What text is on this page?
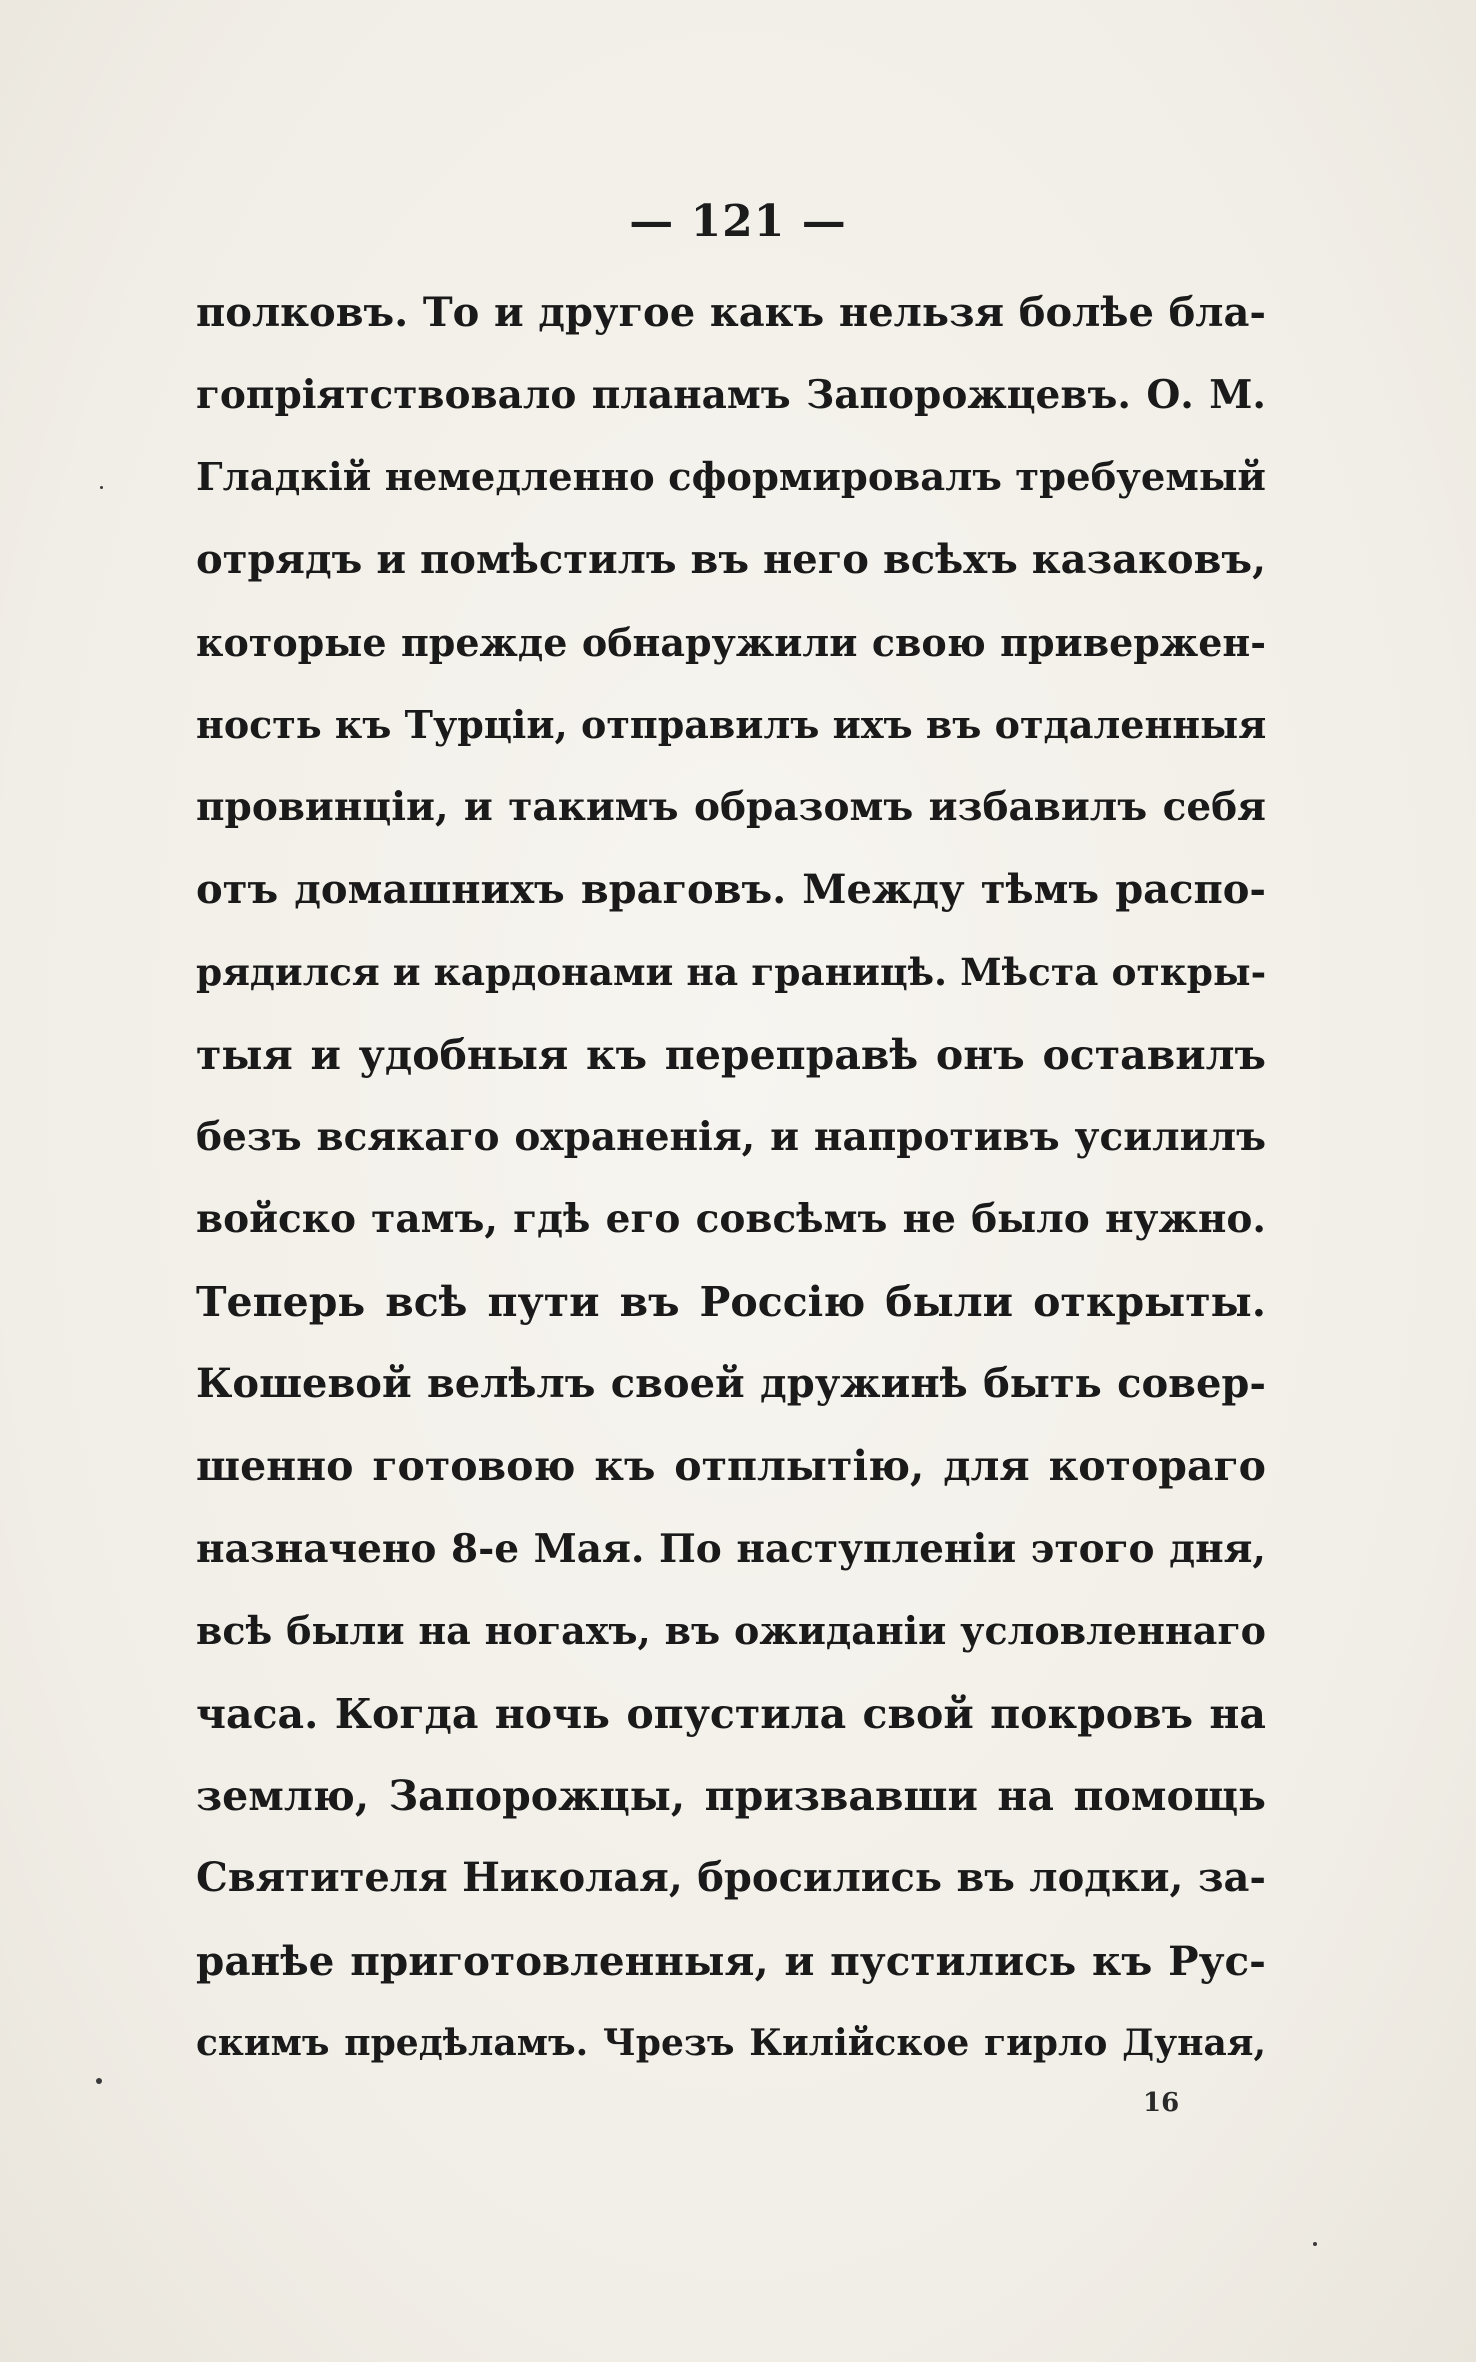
— 121 —
полковъ. То и другое какъ нельзя болѣе бла-
гопріятствовало планамъ Запорожцевъ. О. М.
Гладкій немедленно сформировалъ требуемый
отрядъ и помѣстилъ въ него всѣхъ казаковъ,
которые прежде обнаружили свою привержен-
ность къ Турціи, отправилъ ихъ въ отдаленныя
провинціи, и такимъ образомъ избавилъ себя
отъ домашнихъ враговъ. Между тѣмъ распо-
рядился и кардонами на границѣ. Мѣста откры-
тыя и удобныя къ переправѣ онъ оставилъ
безъ всякаго охраненія, и напротивъ усилилъ
войско тамъ, гдѣ его совсѣмъ не было нужно.
Теперь всѣ пути въ Россію были открыты.
Кошевой велѣлъ своей дружинѣ быть совер-
шенно готовою къ отплытію, для котораго
назначено 8-е Мая. По наступленіи этого дня,
всѣ были на ногахъ, въ ожиданіи условленнаго
часа. Когда ночь опустила свой покровъ на
землю, Запорожцы, призвавши на помощь
Святителя Николая, бросились въ лодки, за-
ранѣе приготовленныя, и пустились къ Рус-
скимъ предѣламъ. Чрезъ Килійское гирло Дуная,
16
